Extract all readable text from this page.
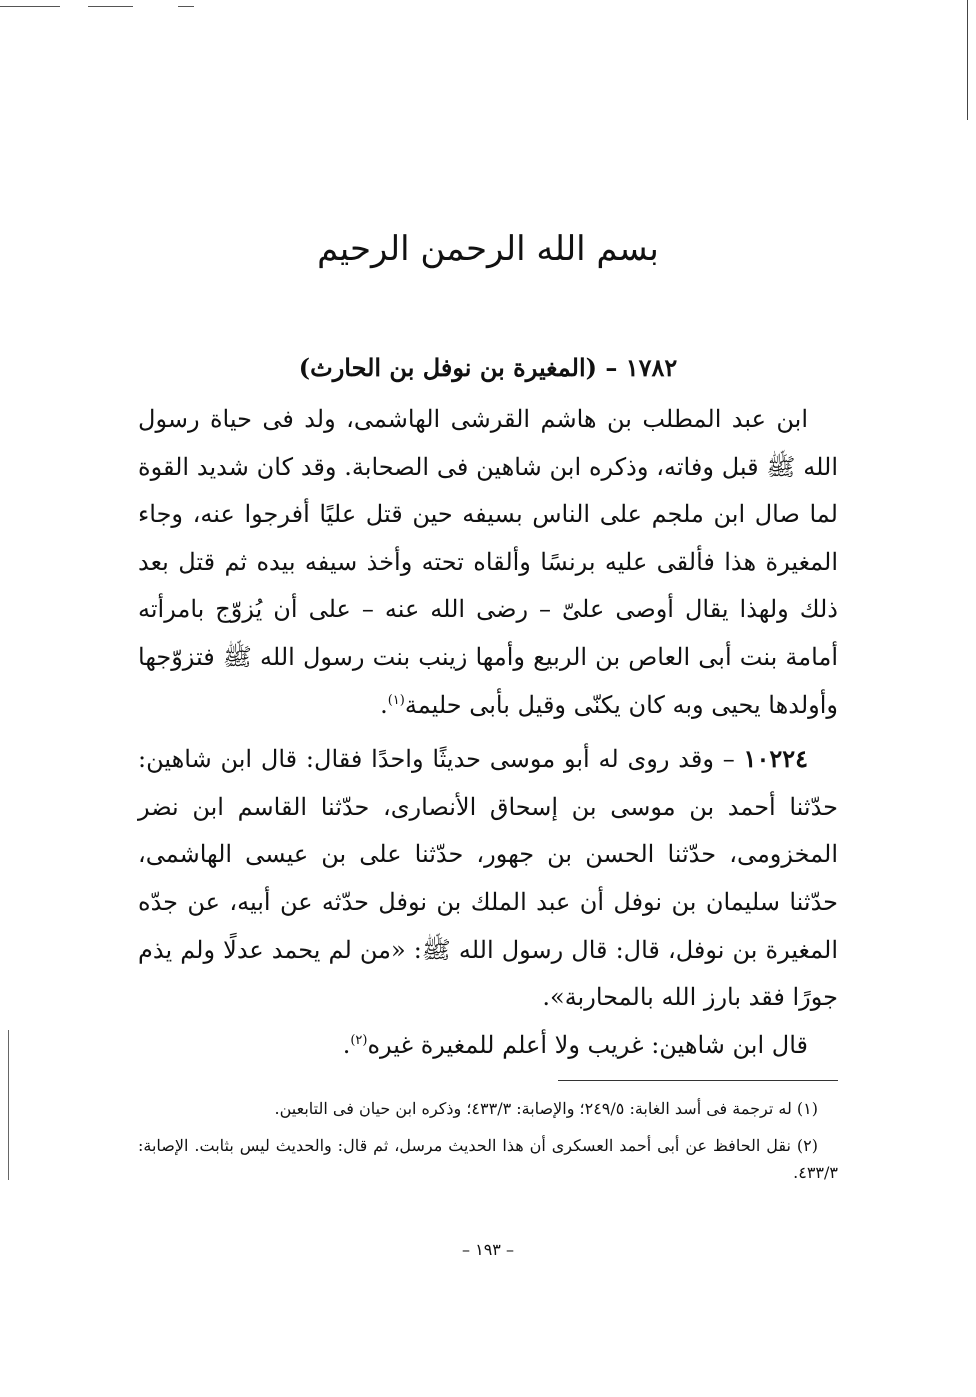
بسم الله الرحمن الرحيم

١٧٨٢ – (المغيرة بن نوفل بن الحارث)

ابن عبد المطلب بن هاشم القرشى الهاشمى، ولد فى حياة رسول الله ﷺ قبل وفاته، وذكره ابن شاهين فى الصحابة. وقد كان شديد القوة لما صال ابن ملجم على الناس بسيفه حين قتل عليًا أفرجوا عنه، وجاء المغيرة هذا فألقى عليه برنسًا وألقاه تحته وأخذ سيفه بيده ثم قتل بعد ذلك ولهذا يقال أوصى علىّ – رضى الله عنه – على أن يُزوّج بامرأته أمامة بنت أبى العاص بن الربيع وأمها زينب بنت رسول الله ﷺ فتزوّجها وأولدها يحيى وبه كان يكنّى وقيل بأبى حليمة$^{(١)}$.

١٠٢٢٤ – وقد روى له أبو موسى حديثًا واحدًا فقال: قال ابن شاهين: حدّثنا أحمد بن موسى بن إسحاق الأنصارى، حدّثنا القاسم ابن نضر المخزومى، حدّثنا الحسن بن جهور، حدّثنا على بن عيسى الهاشمى، حدّثنا سليمان بن نوفل أن عبد الملك بن نوفل حدّثه عن أبيه، عن جدّه المغيرة بن نوفل، قال: قال رسول الله ﷺ: «من لم يحمد عدلًا ولم يذم جورًا فقد بارز الله بالمحاربة».

قال ابن شاهين: غريب ولا أعلم للمغيرة غيره$^{(٢)}$.

(١) له ترجمة فى أسد الغابة: ٢٤٩/٥؛ والإصابة: ٤٣٣/٣؛ وذكره ابن حيان فى التابعين.

(٢) نقل الحافظ عن أبى أحمد العسكرى أن هذا الحديث مرسل، ثم قال: والحديث ليس بثابت. الإصابة: ٤٣٣/٣.

– ١٩٣ –
